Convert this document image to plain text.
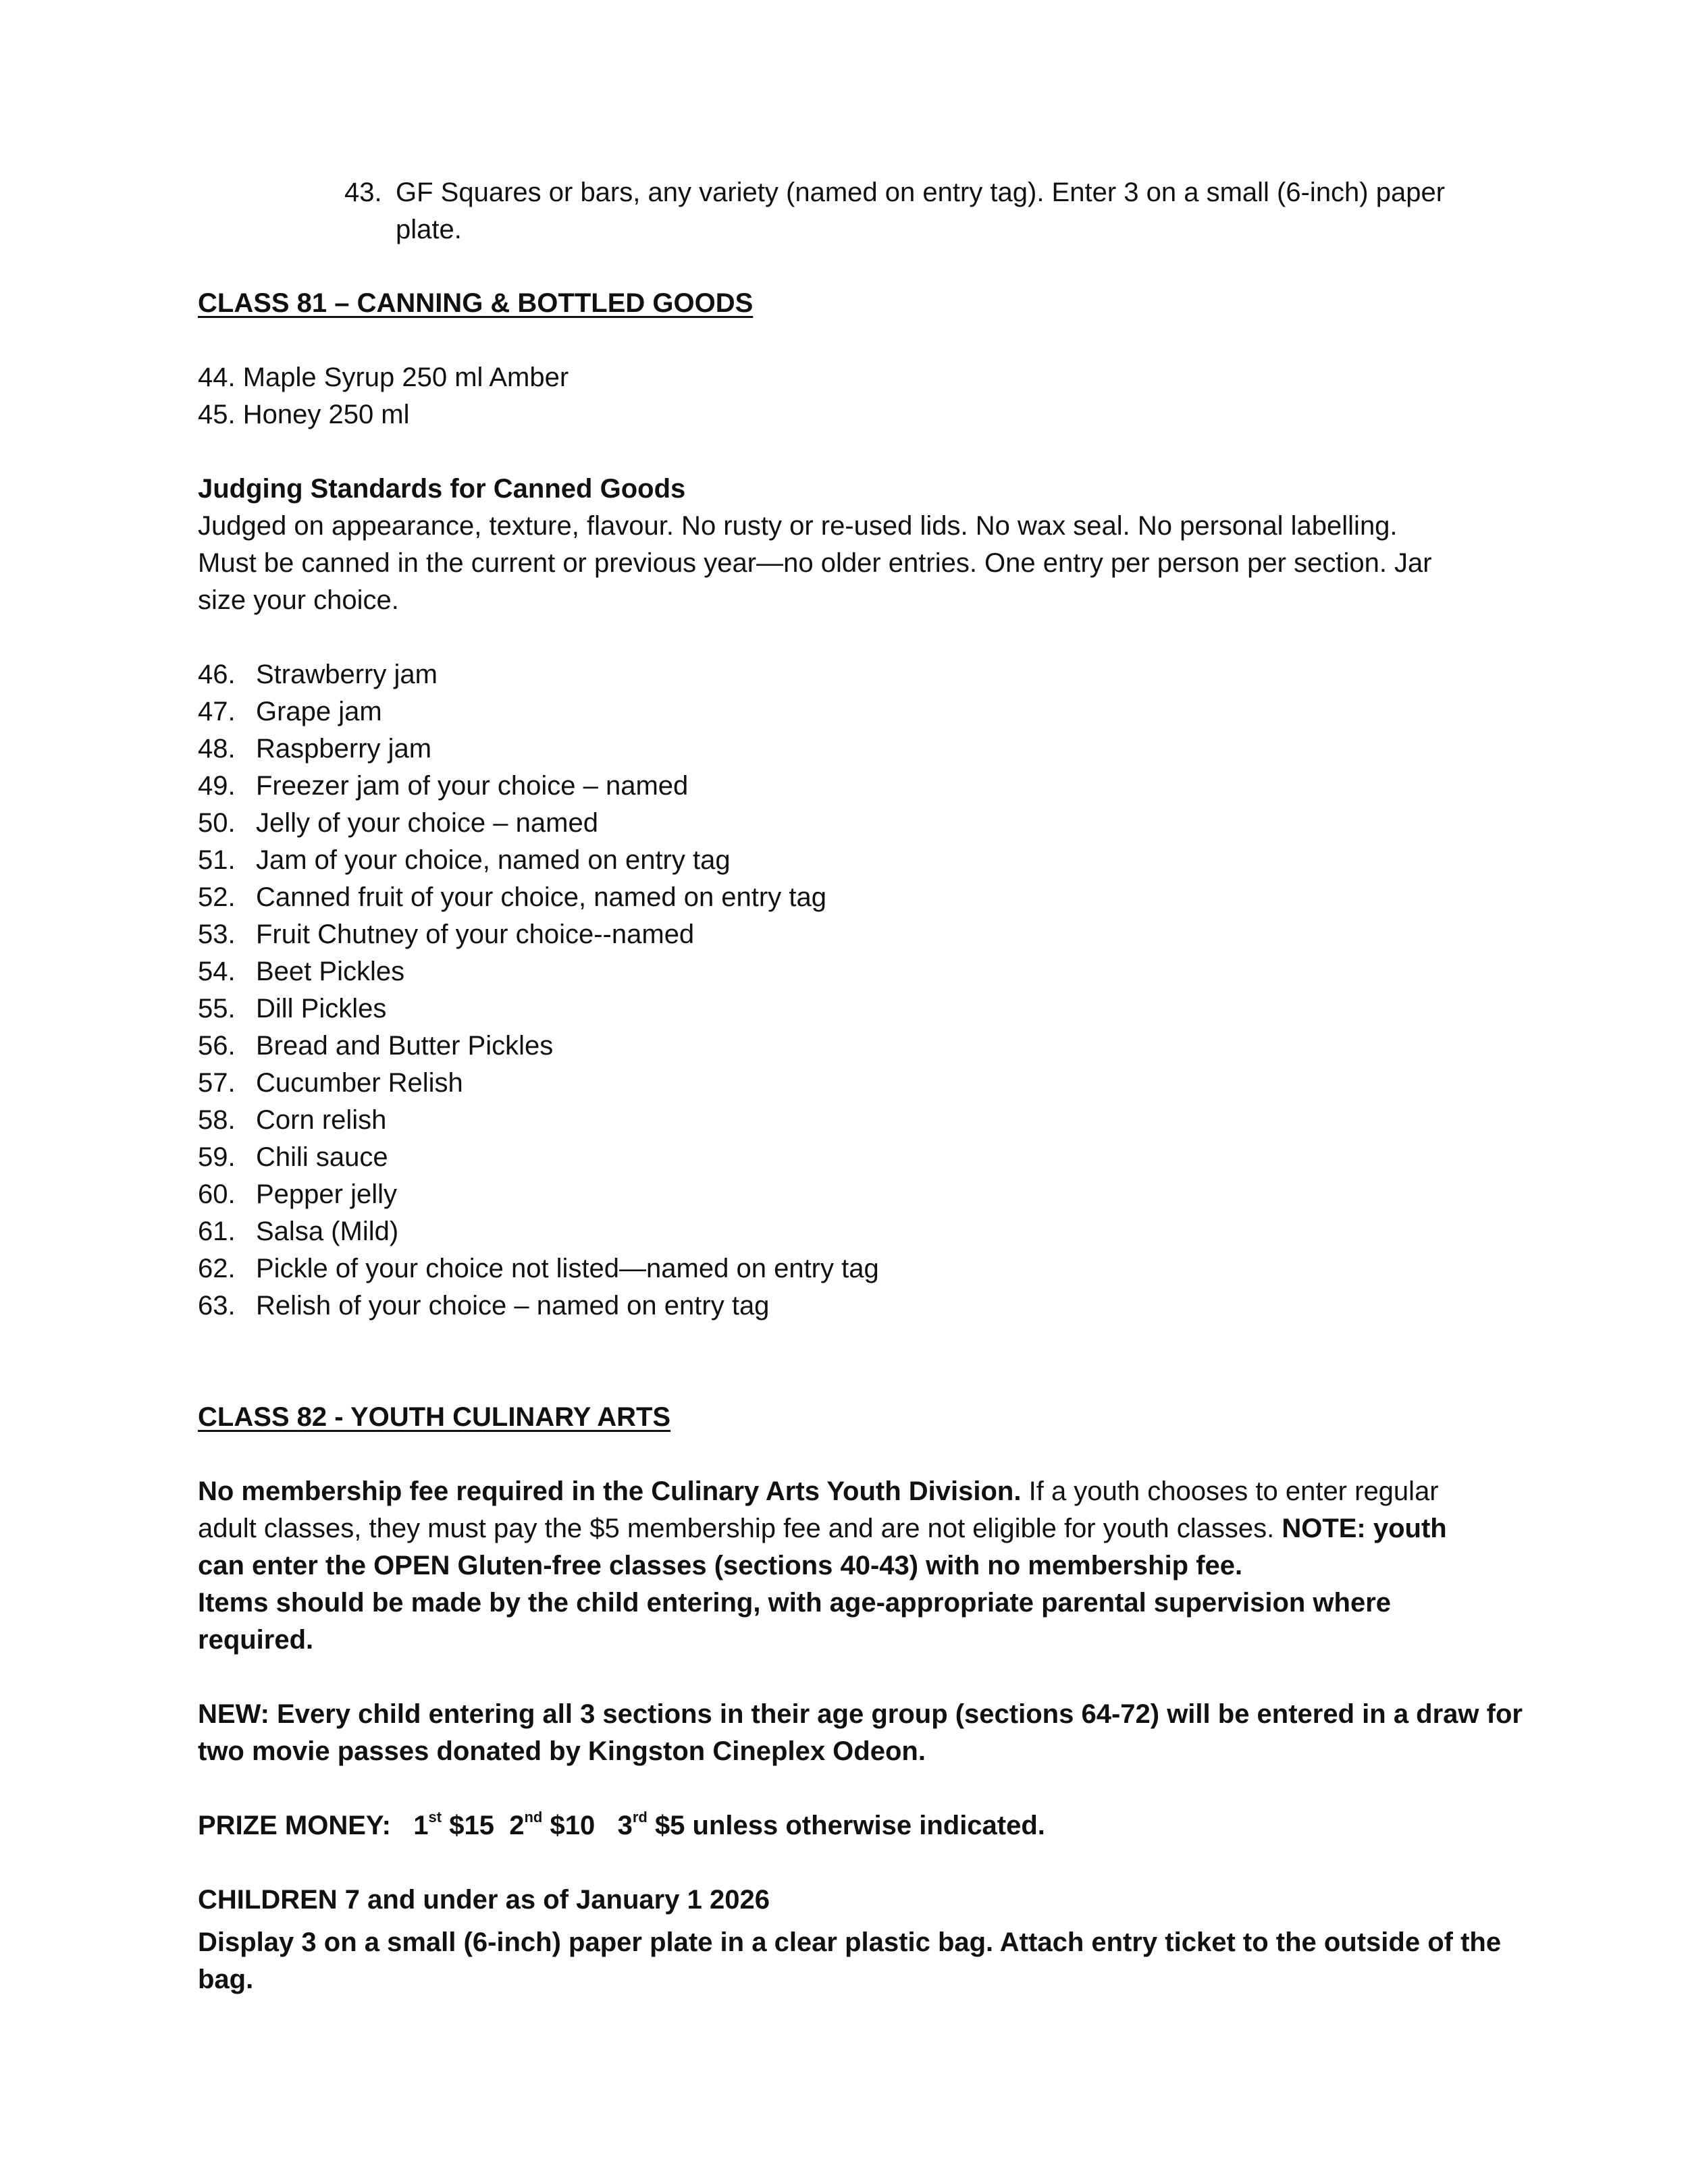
43. GF Squares or bars, any variety (named on entry tag). Enter 3 on a small (6-inch) paper
plate.
CLASS 81 – CANNING & BOTTLED GOODS
44. Maple Syrup 250 ml Amber
45. Honey 250 ml
Judging Standards for Canned Goods
Judged on appearance, texture, flavour. No rusty or re-used lids. No wax seal. No personal labelling.
Must be canned in the current or previous year—no older entries. One entry per person per section. Jar
size your choice.
46. Strawberry jam
47. Grape jam
48. Raspberry jam
49. Freezer jam of your choice – named
50. Jelly of your choice – named
51. Jam of your choice, named on entry tag
52. Canned fruit of your choice, named on entry tag
53. Fruit Chutney of your choice--named
54. Beet Pickles
55. Dill Pickles
56. Bread and Butter Pickles
57. Cucumber Relish
58. Corn relish
59. Chili sauce
60. Pepper jelly
61. Salsa (Mild)
62. Pickle of your choice not listed—named on entry tag
63. Relish of your choice – named on entry tag
CLASS 82 - YOUTH CULINARY ARTS
No membership fee required in the Culinary Arts Youth Division. If a youth chooses to enter regular
adult classes, they must pay the $5 membership fee and are not eligible for youth classes. NOTE: youth
can enter the OPEN Gluten-free classes (sections 40-43) with no membership fee.
Items should be made by the child entering, with age-appropriate parental supervision where
required.
NEW: Every child entering all 3 sections in their age group (sections 64-72) will be entered in a draw for
two movie passes donated by Kingston Cineplex Odeon.
PRIZE MONEY: 1st $15 2nd $10 3rd $5 unless otherwise indicated.
CHILDREN 7 and under as of January 1 2026
Display 3 on a small (6-inch) paper plate in a clear plastic bag. Attach entry ticket to the outside of the
bag.
